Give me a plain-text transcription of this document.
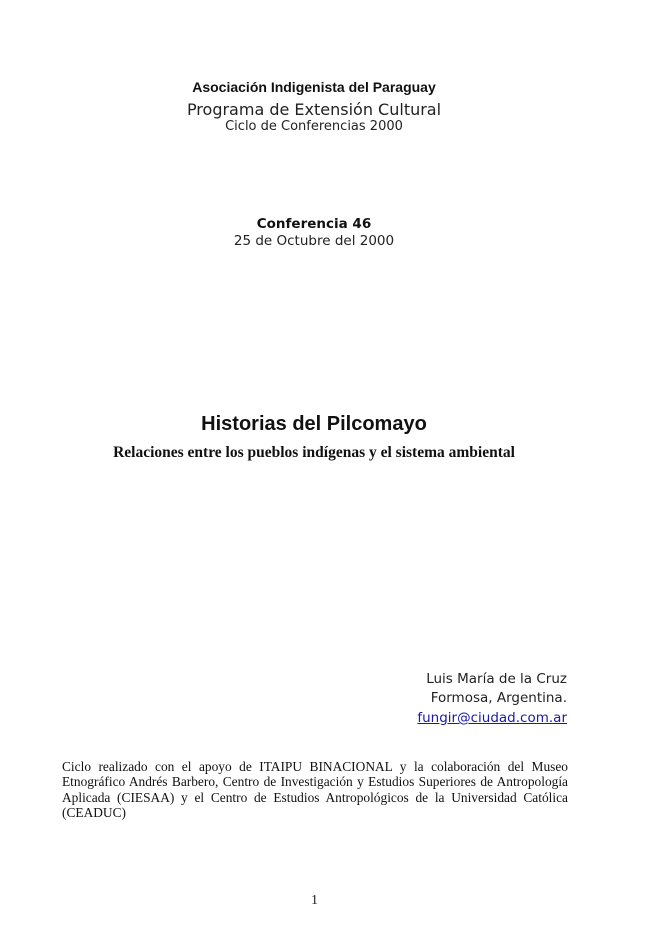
Asociación Indigenista del Paraguay
Programa de Extensión Cultural
Ciclo de Conferencias 2000
Conferencia 46
25 de Octubre del 2000
Historias del Pilcomayo
Relaciones entre los pueblos indígenas y el sistema ambiental
Luis María de la Cruz
Formosa, Argentina.
fungir@ciudad.com.ar
Ciclo realizado con el apoyo de ITAIPU BINACIONAL y la colaboración del Museo Etnográfico Andrés Barbero, Centro de Investigación y Estudios Superiores de Antropología Aplicada (CIESAA) y el Centro de Estudios Antropológicos de la Universidad Católica (CEADUC)
1
